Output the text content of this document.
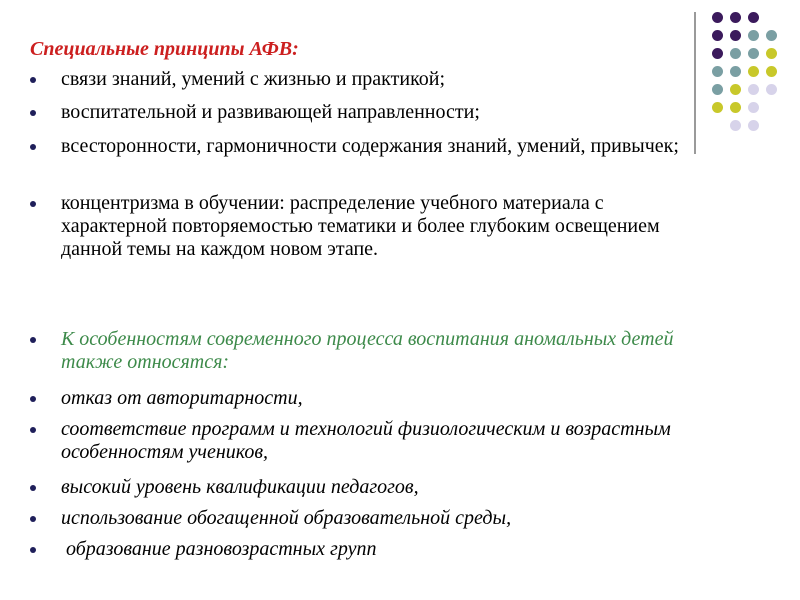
Специальные принципы АФВ:
связи знаний, умений с жизнью и практикой;
воспитательной и развивающей направленности;
всесторонности, гармоничности содержания знаний, умений, привычек;
концентризма в обучении: распределение учебного материала с характерной повторяемостью тематики и более глубоким освещением данной темы на каждом новом этапе.
К особенностям современного процесса воспитания аномальных детей также относятся:
отказ от авторитарности,
соответствие программ и технологий физиологическим и возрастным особенностям учеников,
высокий уровень квалификации педагогов,
использование обогащенной образовательной среды,
образование разновозрастных групп
